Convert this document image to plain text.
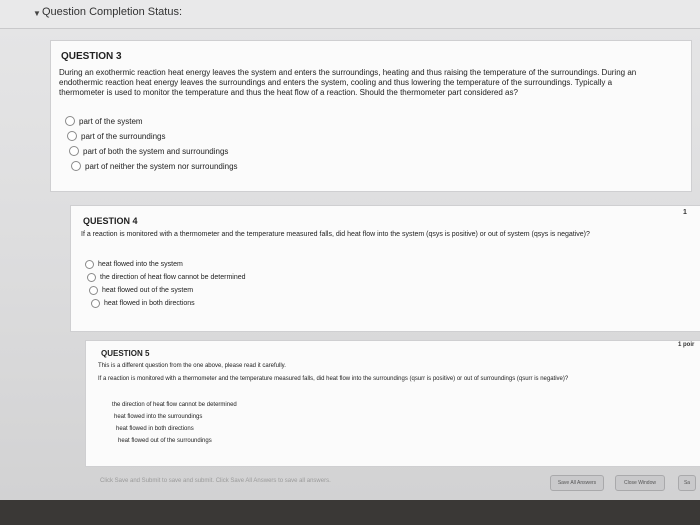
▼ Question Completion Status:
QUESTION 3
During an exothermic reaction heat energy leaves the system and enters the surroundings, heating and thus raising the temperature of the surroundings. During an endothermic reaction heat energy leaves the surroundings and enters the system, cooling and thus lowering the temperature of the surroundings. Typically a thermometer is used to monitor the temperature and thus the heat flow of a reaction. Should the thermometer part considered as?
part of the system
part of the surroundings
part of both the system and surroundings
part of neither the system nor surroundings
QUESTION 4
1
If a reaction is monitored with a thermometer and the temperature measured falls, did heat flow into the system (qsys is positive) or out of system (qsys is negative)?
heat flowed into the system
the direction of heat flow cannot be determined
heat flowed out of the system
heat flowed in both directions
QUESTION 5
1 poir
This is a different question from the one above, please read it carefully.
If a reaction is monitored with a thermometer and the temperature measured falls, did heat flow into the surroundings (qsurr is positive) or out of surroundings (qsurr is negative)?
the direction of heat flow cannot be determined
heat flowed into the surroundings
heat flowed in both directions
heat flowed out of the surroundings
Click Save and Submit to save and submit. Click Save All Answers to save all answers.	Save All Answers	Close Window	Sa
